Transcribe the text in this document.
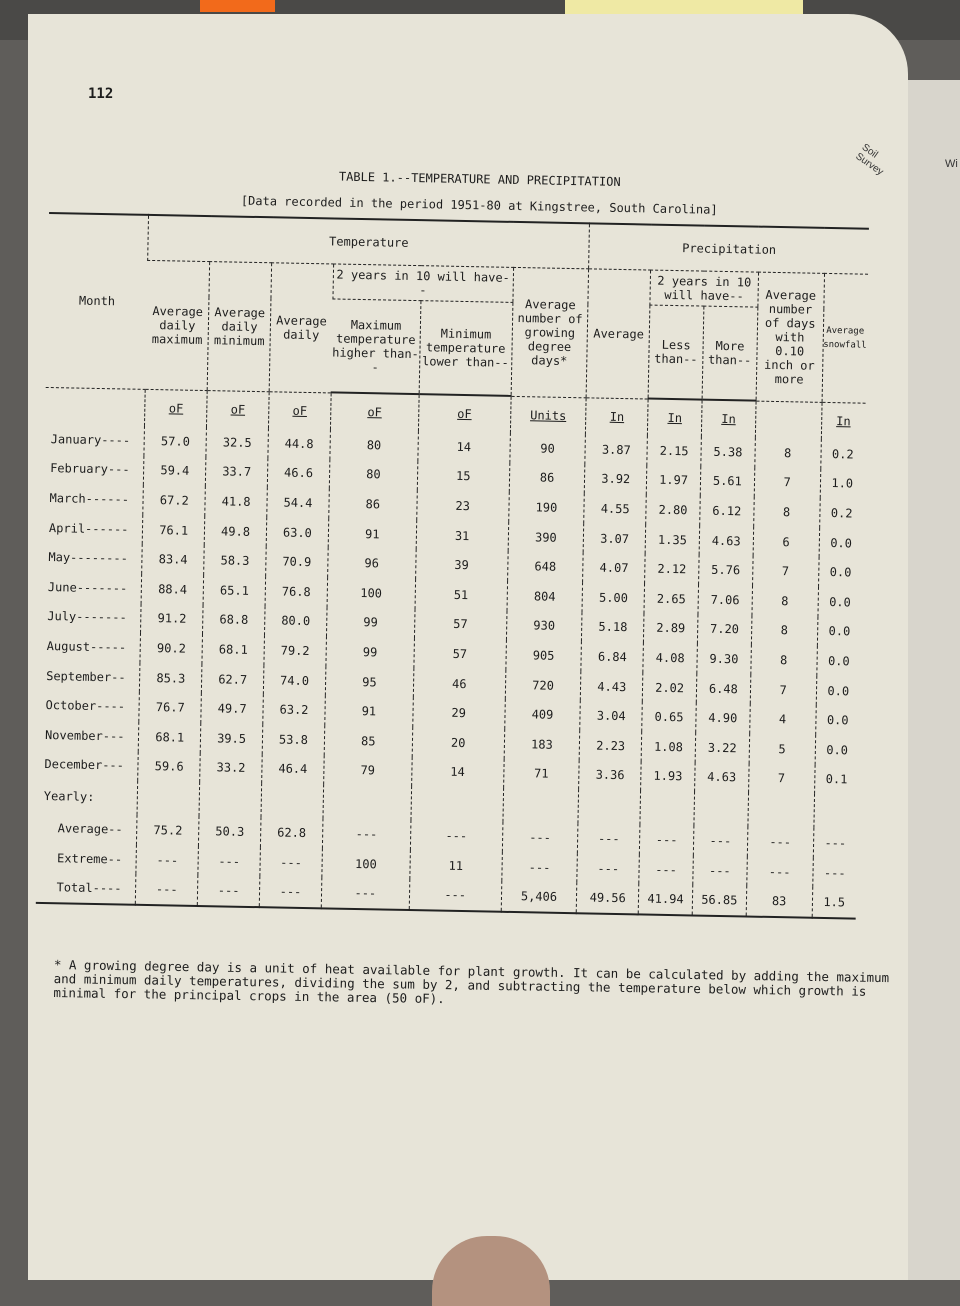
Wi
112
Soil Survey
TABLE 1.--TEMPERATURE AND PRECIPITATION
[Data recorded in the period 1951-80 at Kingstree, South Carolina]
Month	Temperature						Precipitation				
	Average daily maximum	Average daily minimum	Average daily	2 years in 10 will have--		Average number of growing degree days*	Average	2 years in 10 will have--		Average number of days with 0.10 inch or more	Average snowfall
				Maximum temperature higher than--	Minimum temperature lower than--			Less than--	More than--		
	oF	oF	oF	oF	oF	Units	In	In	In		In
January----	57.0	32.5	44.8	80	14	90	3.87	2.15	5.38	8	0.2
February---	59.4	33.7	46.6	80	15	86	3.92	1.97	5.61	7	1.0
March------	67.2	41.8	54.4	86	23	190	4.55	2.80	6.12	8	0.2
April------	76.1	49.8	63.0	91	31	390	3.07	1.35	4.63	6	0.0
May--------	83.4	58.3	70.9	96	39	648	4.07	2.12	5.76	7	0.0
June-------	88.4	65.1	76.8	100	51	804	5.00	2.65	7.06	8	0.0
July-------	91.2	68.8	80.0	99	57	930	5.18	2.89	7.20	8	0.0
August-----	90.2	68.1	79.2	99	57	905	6.84	4.08	9.30	8	0.0
September--	85.3	62.7	74.0	95	46	720	4.43	2.02	6.48	7	0.0
October----	76.7	49.7	63.2	91	29	409	3.04	0.65	4.90	4	0.0
November---	68.1	39.5	53.8	85	20	183	2.23	1.08	3.22	5	0.0
December---	59.6	33.2	46.4	79	14	71	3.36	1.93	4.63	7	0.1
Yearly:											
Average--	75.2	50.3	62.8	---	---	---	---	---	---	---	---
Extreme--	---	---	---	100	11	---	---	---	---	---	---
Total----	---	---	---	---	---	5,406	49.56	41.94	56.85	83	1.5
* A growing degree day is a unit of heat available for plant growth. It can be calculated by adding the maximum and minimum daily temperatures, dividing the sum by 2, and subtracting the temperature below which growth is minimal for the principal crops in the area (50 oF).
